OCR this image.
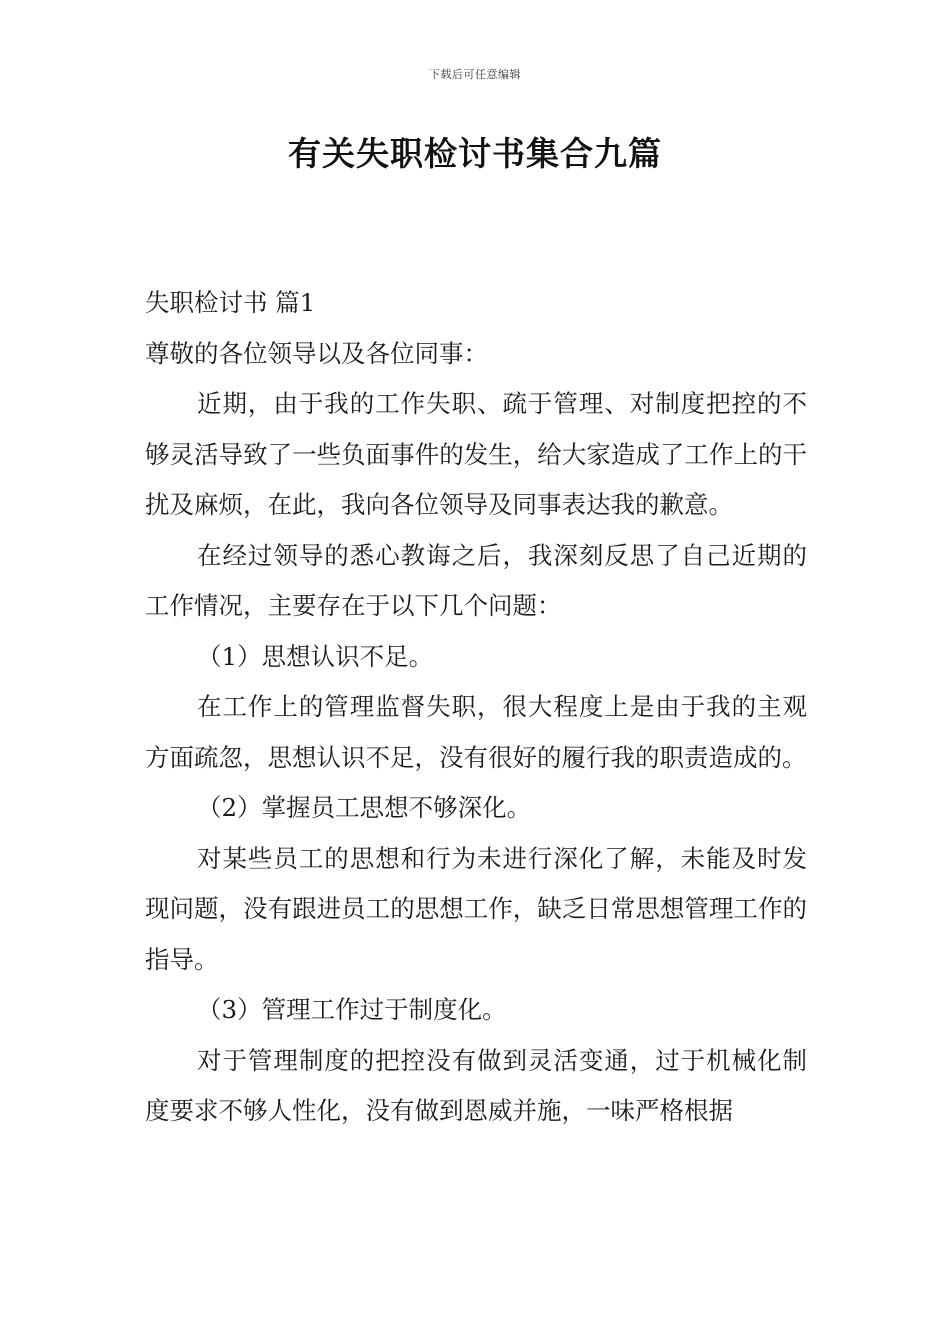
下载后可任意编辑
有关失职检讨书集合九篇

失职检讨书 篇1

尊敬的各位领导以及各位同事：

近期，由于我的工作失职、疏于管理、对制度把控的不够灵活导致了一些负面事件的发生，给大家造成了工作上的干扰及麻烦，在此，我向各位领导及同事表达我的歉意。

在经过领导的悉心教诲之后，我深刻反思了自己近期的工作情况，主要存在于以下几个问题：

（1）思想认识不足。

在工作上的管理监督失职，很大程度上是由于我的主观方面疏忽，思想认识不足，没有很好的履行我的职责造成的。

（2）掌握员工思想不够深化。

对某些员工的思想和行为未进行深化了解，未能及时发现问题，没有跟进员工的思想工作，缺乏日常思想管理工作的指导。

（3）管理工作过于制度化。

对于管理制度的把控没有做到灵活变通，过于机械化制度要求不够人性化，没有做到恩威并施，一味严格根据
